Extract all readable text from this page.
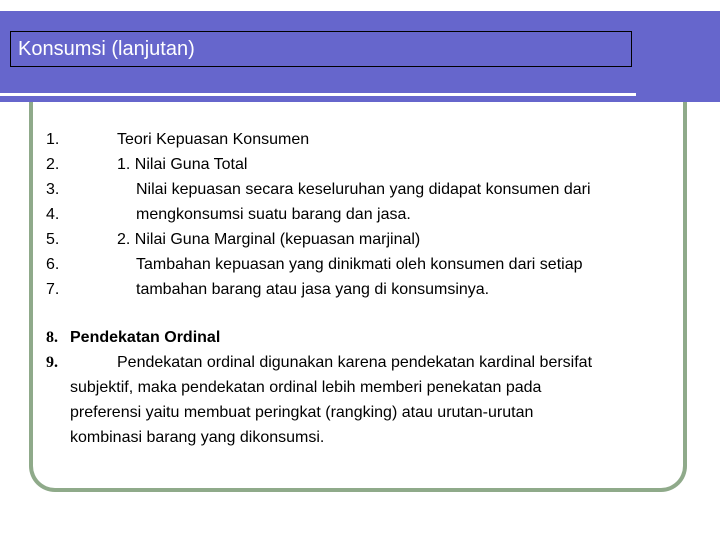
Konsumsi (lanjutan)
1.
2.
3.
4.
5.
6.
7.
Teori Kepuasan Konsumen
1. Nilai Guna Total
Nilai kepuasan secara keseluruhan yang didapat konsumen dari
mengkonsumsi suatu barang dan jasa.
2. Nilai Guna Marginal (kepuasan marjinal)
Tambahan kepuasan yang dinikmati oleh konsumen dari setiap
tambahan barang atau jasa yang di konsumsinya.
8.
9.
Pendekatan Ordinal
Pendekatan ordinal digunakan karena pendekatan kardinal bersifat
subjektif, maka pendekatan ordinal lebih memberi penekatan pada
preferensi yaitu membuat peringkat (rangking) atau urutan-urutan
kombinasi barang yang dikonsumsi.
